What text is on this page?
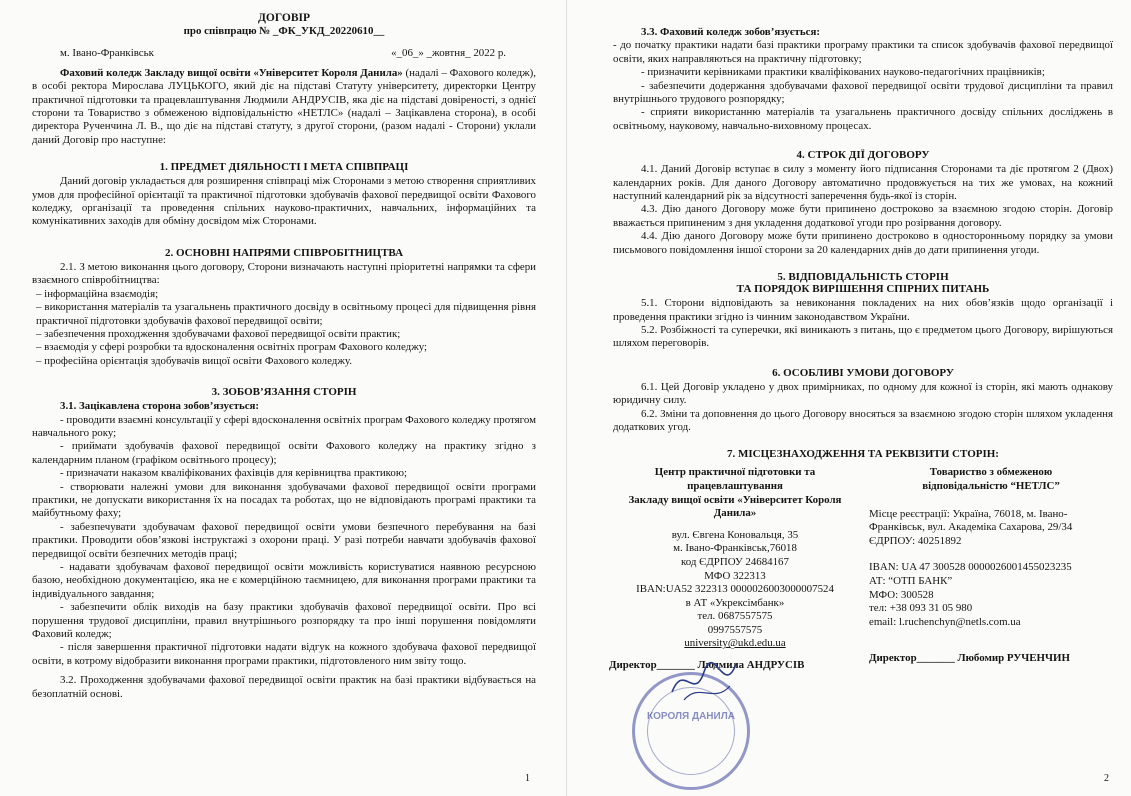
ДОГОВІР

про співпрацю № _ФК_УКД_20220610__

м. Івано-Франківськ	«_06_» _жовтня_ 2022 р.

Фаховий коледж Закладу вищої освіти «Університет Короля Данила» (надалі – Фахового коледж), в особі ректора Мирослава ЛУЦЬКОГО, який діє на підставі Статуту університету, директорки Центру практичної підготовки та працевлаштування Людмили АНДРУСІВ, яка діє на підставі довіреності, з однієї сторони та Товариство з обмеженою відповідальністю «НЕТЛС» (надалі – Зацікавлена сторона), в особі директора Рученчина Л. В., що діє на підставі статуту, з другої сторони, (разом надалі - Сторони) уклали даний Договір про наступне:

1. ПРЕДМЕТ ДІЯЛЬНОСТІ І МЕТА СПІВПРАЦІ

Даний договір укладається для розширення співпраці між Сторонами з метою створення сприятливих умов для професійної орієнтації та практичної підготовки здобувачів фахової передвищої освіти Фахового коледжу, організації та проведення спільних науково-практичних, навчальних, інформаційних та комунікативних заходів для обміну досвідом між Сторонами.

2. ОСНОВНІ НАПРЯМИ СПІВРОБІТНИЦТВА

2.1. З метою виконання цього договору, Сторони визначають наступні пріоритетні напрямки та сфери взаємного співробітництва:

– інформаційна взаємодія;

– використання матеріалів та узагальнень практичного досвіду в освітньому процесі для підвищення рівня практичної підготовки здобувачів фахової передвищої освіти;

– забезпечення проходження здобувачами фахової передвищої освіти практик;

– взаємодія у сфері розробки та вдосконалення освітніх програм Фахового коледжу;

– професійна орієнтація здобувачів вищої освіти Фахового коледжу.

3. ЗОБОВ’ЯЗАННЯ СТОРІН

3.1. Зацікавлена сторона зобов’язується:

- проводити взаємні консультації у сфері вдосконалення освітніх програм Фахового коледжу протягом навчального року;

- приймати здобувачів фахової передвищої освіти Фахового коледжу на практику згідно з календарним планом (графіком освітнього процесу);

- призначати наказом кваліфікованих фахівців для керівництва практикою;

- створювати належні умови для виконання здобувачами фахової передвищої освіти програми практики, не допускати використання їх на посадах та роботах, що не відповідають програмі практики та майбутньому фаху;

- забезпечувати здобувачам фахової передвищої освіти умови безпечного перебування на базі практики. Проводити обов’язкові інструктажі з охорони праці. У разі потреби навчати здобувачів фахової передвищої освіти безпечних методів праці;

- надавати здобувачам фахової передвищої освіти можливість користуватися наявною ресурсною базою, необхідною документацією, яка не є комерційною таємницею, для виконання програми практики та індивідуального завдання;

- забезпечити облік виходів на базу практики здобувачів фахової передвищої освіти. Про всі порушення трудової дисципліни, правил внутрішнього розпорядку та про інші порушення повідомляти Фаховий коледж;

- після завершення практичної підготовки надати відгук на кожного здобувача фахової передвищої освіти, в котрому відобразити виконання програми практики, підготовленого ним звіту тощо.

3.2. Проходження здобувачами фахової передвищої освіти практик на базі практики відбувається на безоплатній основі.

1

3.3. Фаховий коледж зобов’язується:

- до початку практики надати базі практики програму практики та список здобувачів фахової передвищої освіти, яких направляються на практичну підготовку;

- призначити керівниками практики кваліфікованих науково-педагогічних працівників;

- забезпечити додержання здобувачами фахової передвищої освіти трудової дисципліни та правил внутрішнього трудового розпорядку;

- сприяти використанню матеріалів та узагальнень практичного досвіду спільних досліджень в освітньому, науковому, навчально-виховному процесах.

4. СТРОК ДІЇ ДОГОВОРУ

4.1. Даний Договір вступає в силу з моменту його підписання Сторонами та діє протягом 2 (Двох) календарних років. Для даного Договору автоматично продовжується на тих же умовах, на кожний наступний календарний рік за відсутності заперечення будь-якої із сторін.

4.3. Дію даного Договору може бути припинено достроково за взаємною згодою сторін. Договір вважається припиненим з дня укладення додаткової угоди про розірвання договору.

4.4. Дію даного Договору може бути припинено достроково в односторонньому порядку за умови письмового повідомлення іншої сторони за 20 календарних днів до дати припинення угоди.

5. ВІДПОВІДАЛЬНІСТЬ СТОРІН

ТА ПОРЯДОК ВИРІШЕННЯ СПІРНИХ ПИТАНЬ

5.1. Сторони відповідають за невиконання покладених на них обов’язків щодо організації і проведення практики згідно із чинним законодавством України.

5.2. Розбіжності та суперечки, які виникають з питань, що є предметом цього Договору, вирішуються шляхом переговорів.

6. ОСОБЛИВІ УМОВИ ДОГОВОРУ

6.1. Цей Договір укладено у двох примірниках, по одному для кожної із сторін, які мають однакову юридичну силу.

6.2. Зміни та доповнення до цього Договору вносяться за взаємною згодою сторін шляхом укладення додаткових угод.

7. МІСЦЕЗНАХОДЖЕННЯ ТА РЕКВІЗИТИ СТОРІН:

Центр практичної підготовки та працевлаштування
Закладу вищої освіти «Університет Короля Данила»
вул. Євгена Коновальця, 35
м. Івано-Франківськ,76018
код ЄДРПОУ 24684167
МФО 322313
IBAN:UA52 322313 0000026003000007524
в АТ «Укрексімбанк»
тел. 0687557575
0997557575
university@ukd.edu.ua
Директор_______ Людмила АНДРУСІВ
Товариство з обмеженою
відповідальністю “НЕТЛС”
Місце реєстрації: Україна, 76018, м. Івано-Франківськ, вул. Академіка Сахарова, 29/34
ЄДРПОУ: 40251892
IBAN: UA 47 300528 0000026001455023235
АТ: “ОТП БАНК”
МФО: 300528
тел: +38 093 31 05 980
email: l.ruchenchyn@netls.com.ua
Директор_______ Любомир РУЧЕНЧИН
2
КОРОЛЯ ДАНИЛА
